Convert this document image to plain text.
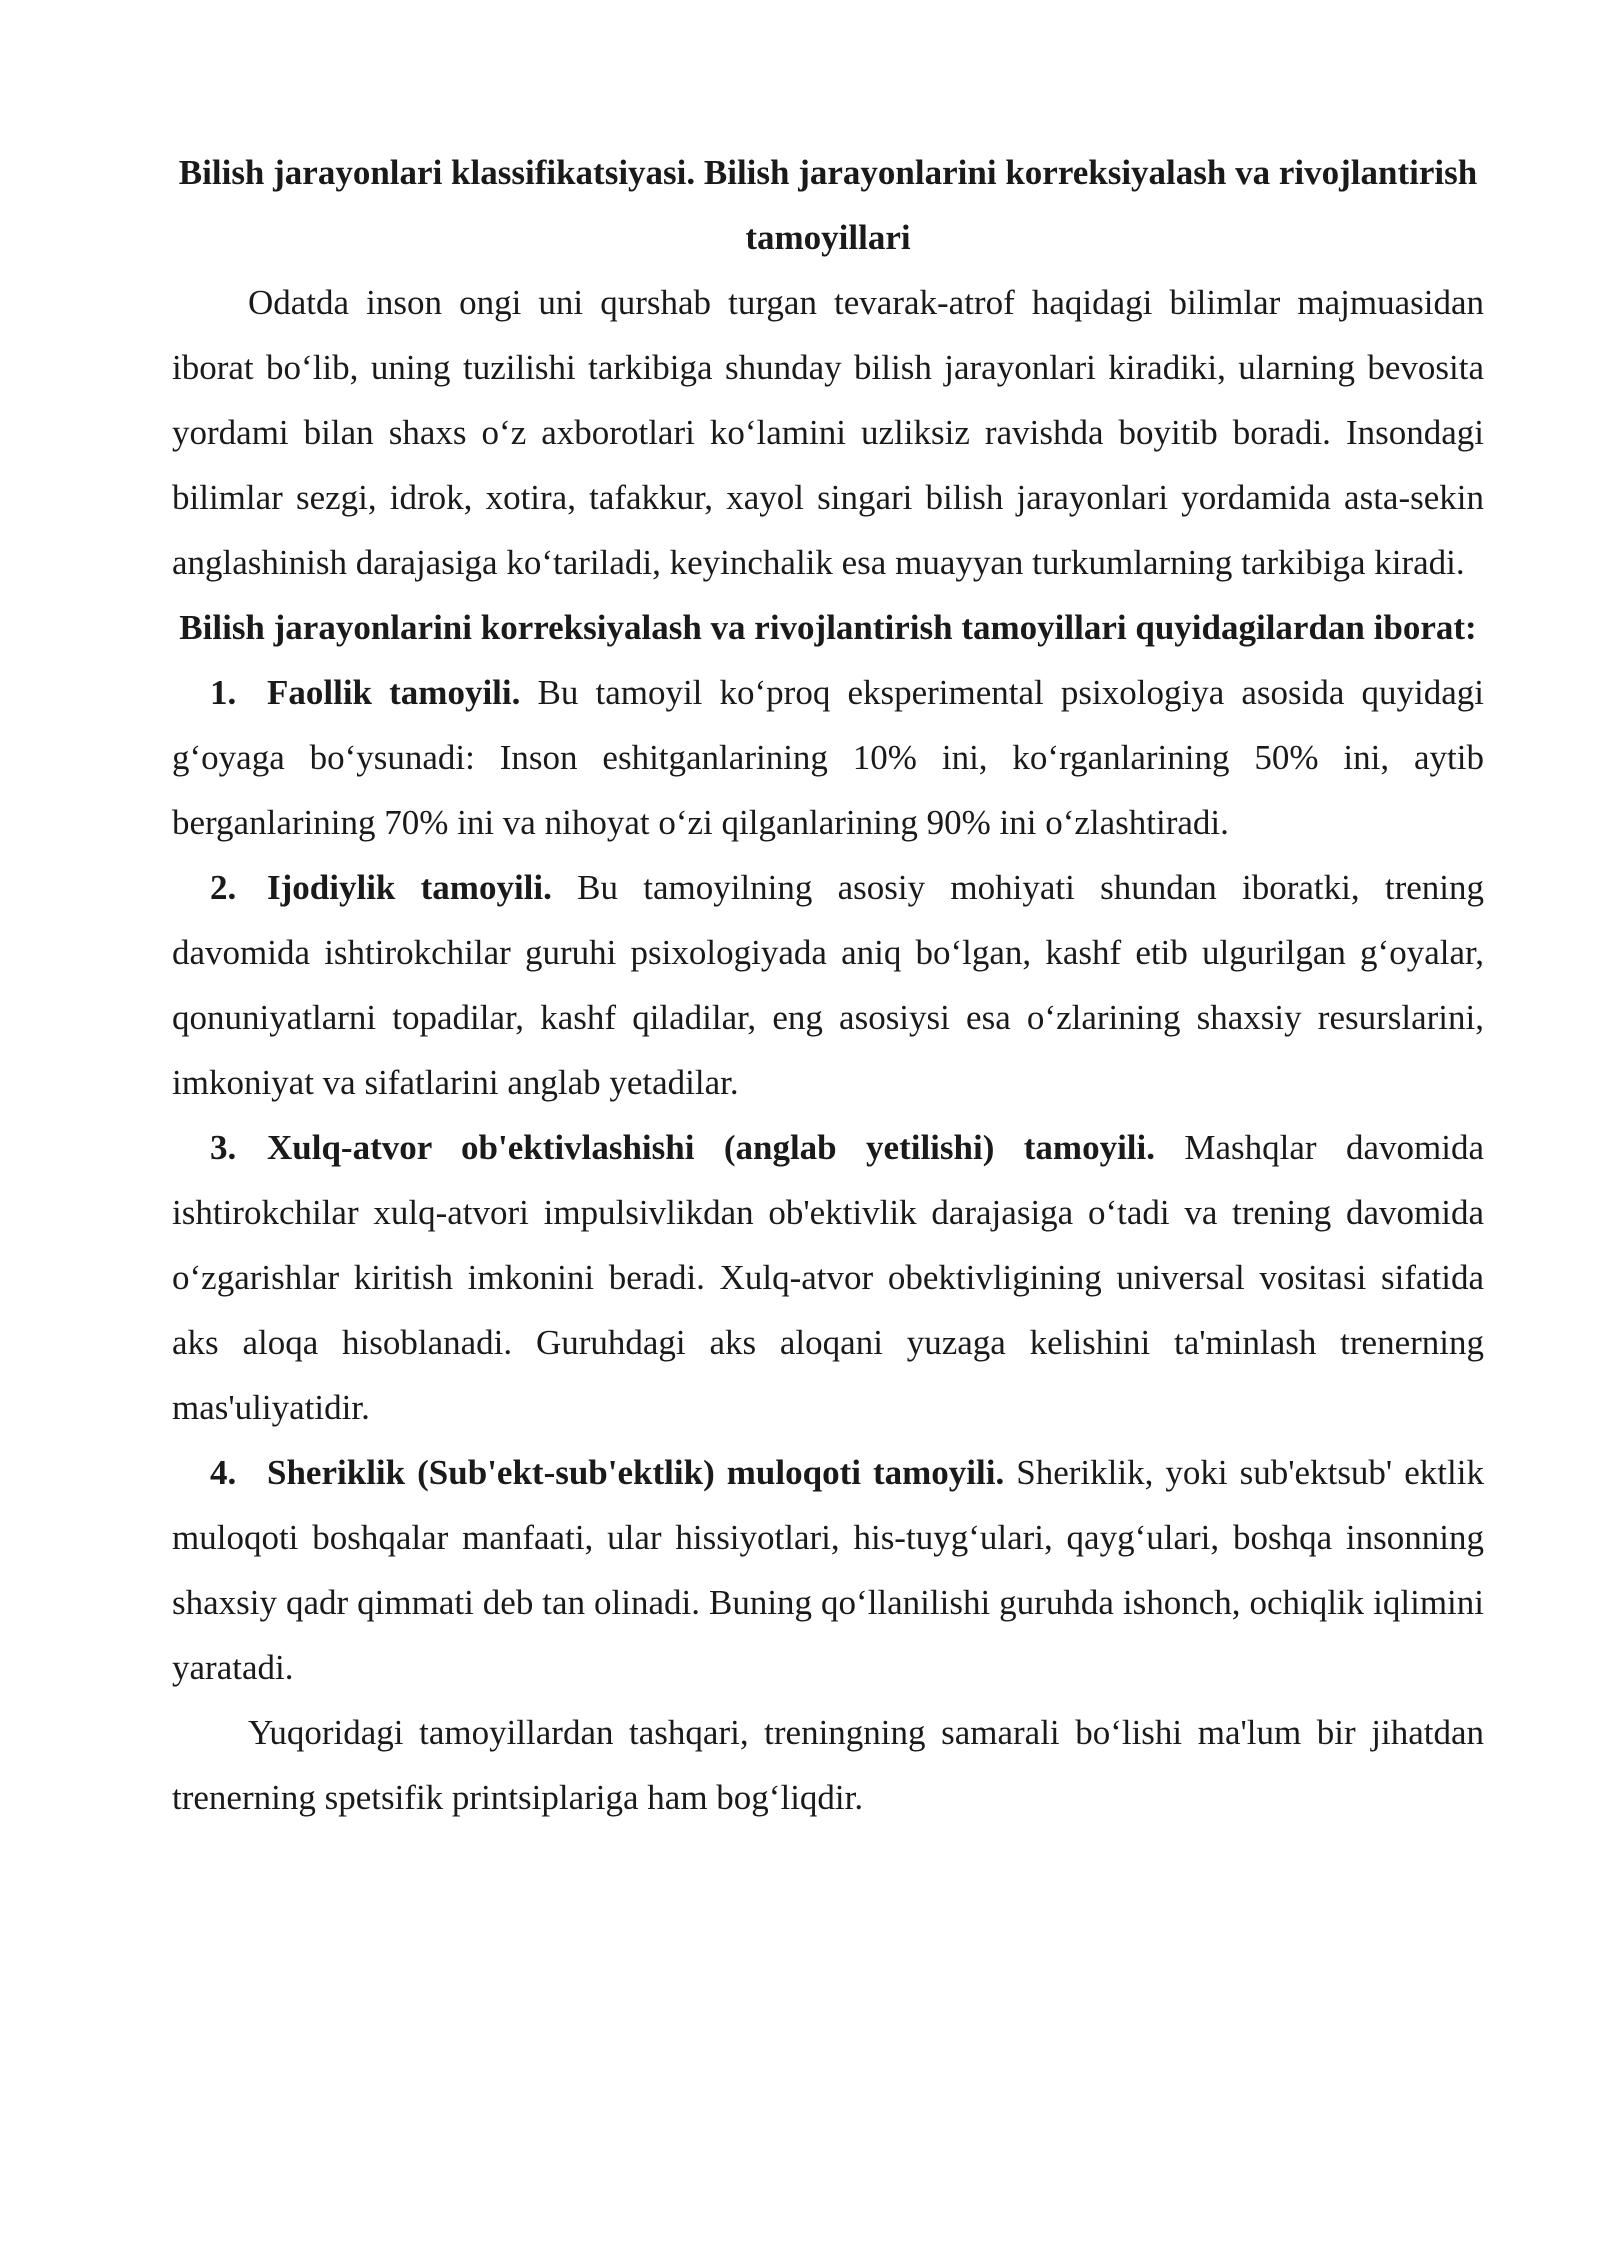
Bilish jarayonlari klassifikatsiyasi. Bilish jarayonlarini korreksiyalash va rivojlantirish tamoyillari

Odatda inson ongi uni qurshab turgan tevarak-atrof haqidagi bilimlar majmuasidan iborat bo‘lib, uning tuzilishi tarkibiga shunday bilish jarayonlari kiradiki, ularning bevosita yordami bilan shaxs o‘z axborotlari ko‘lamini uzliksiz ravishda boyitib boradi. Insondagi bilimlar sezgi, idrok, xotira, tafakkur, xayol singari bilish jarayonlari yordamida asta-sekin anglashinish darajasiga ko‘tariladi, keyinchalik esa muayyan turkumlarning tarkibiga kiradi.

Bilish jarayonlarini korreksiyalash va rivojlantirish tamoyillari quyidagilardan iborat:

1. Faollik tamoyili. Bu tamoyil ko‘proq eksperimental psixologiya asosida quyidagi g‘oyaga bo‘ysunadi: Inson eshitganlarining 10% ini, ko‘rganlarining 50% ini, aytib berganlarining 70% ini va nihoyat o‘zi qilganlarining 90% ini o‘zlashtiradi.

2. Ijodiylik tamoyili. Bu tamoyilning asosiy mohiyati shundan iboratki, trening davomida ishtirokchilar guruhi psixologiyada aniq bo‘lgan, kashf etib ulgurilgan g‘oyalar, qonuniyatlarni topadilar, kashf qiladilar, eng asosiysi esa o‘zlarining shaxsiy resurslarini, imkoniyat va sifatlarini anglab yetadilar.

3. Xulq-atvor ob'ektivlashishi (anglab yetilishi) tamoyili. Mashqlar davomida ishtirokchilar xulq-atvori impulsivlikdan ob'ektivlik darajasiga o‘tadi va trening davomida o‘zgarishlar kiritish imkonini beradi. Xulq-atvor obektivligining universal vositasi sifatida aks aloqa hisoblanadi. Guruhdagi aks aloqani yuzaga kelishini ta'minlash trenerning mas'uliyatidir.

4. Sheriklik (Sub'ekt-sub'ektlik) muloqoti tamoyili. Sheriklik, yoki sub'ektsub' ektlik muloqoti boshqalar manfaati, ular hissiyotlari, his-tuyg‘ulari, qayg‘ulari, boshqa insonning shaxsiy qadr qimmati deb tan olinadi. Buning qo‘llanilishi guruhda ishonch, ochiqlik iqlimini yaratadi.

Yuqoridagi tamoyillardan tashqari, treningning samarali bo‘lishi ma'lum bir jihatdan trenerning spetsifik printsiplariga ham bog‘liqdir.
